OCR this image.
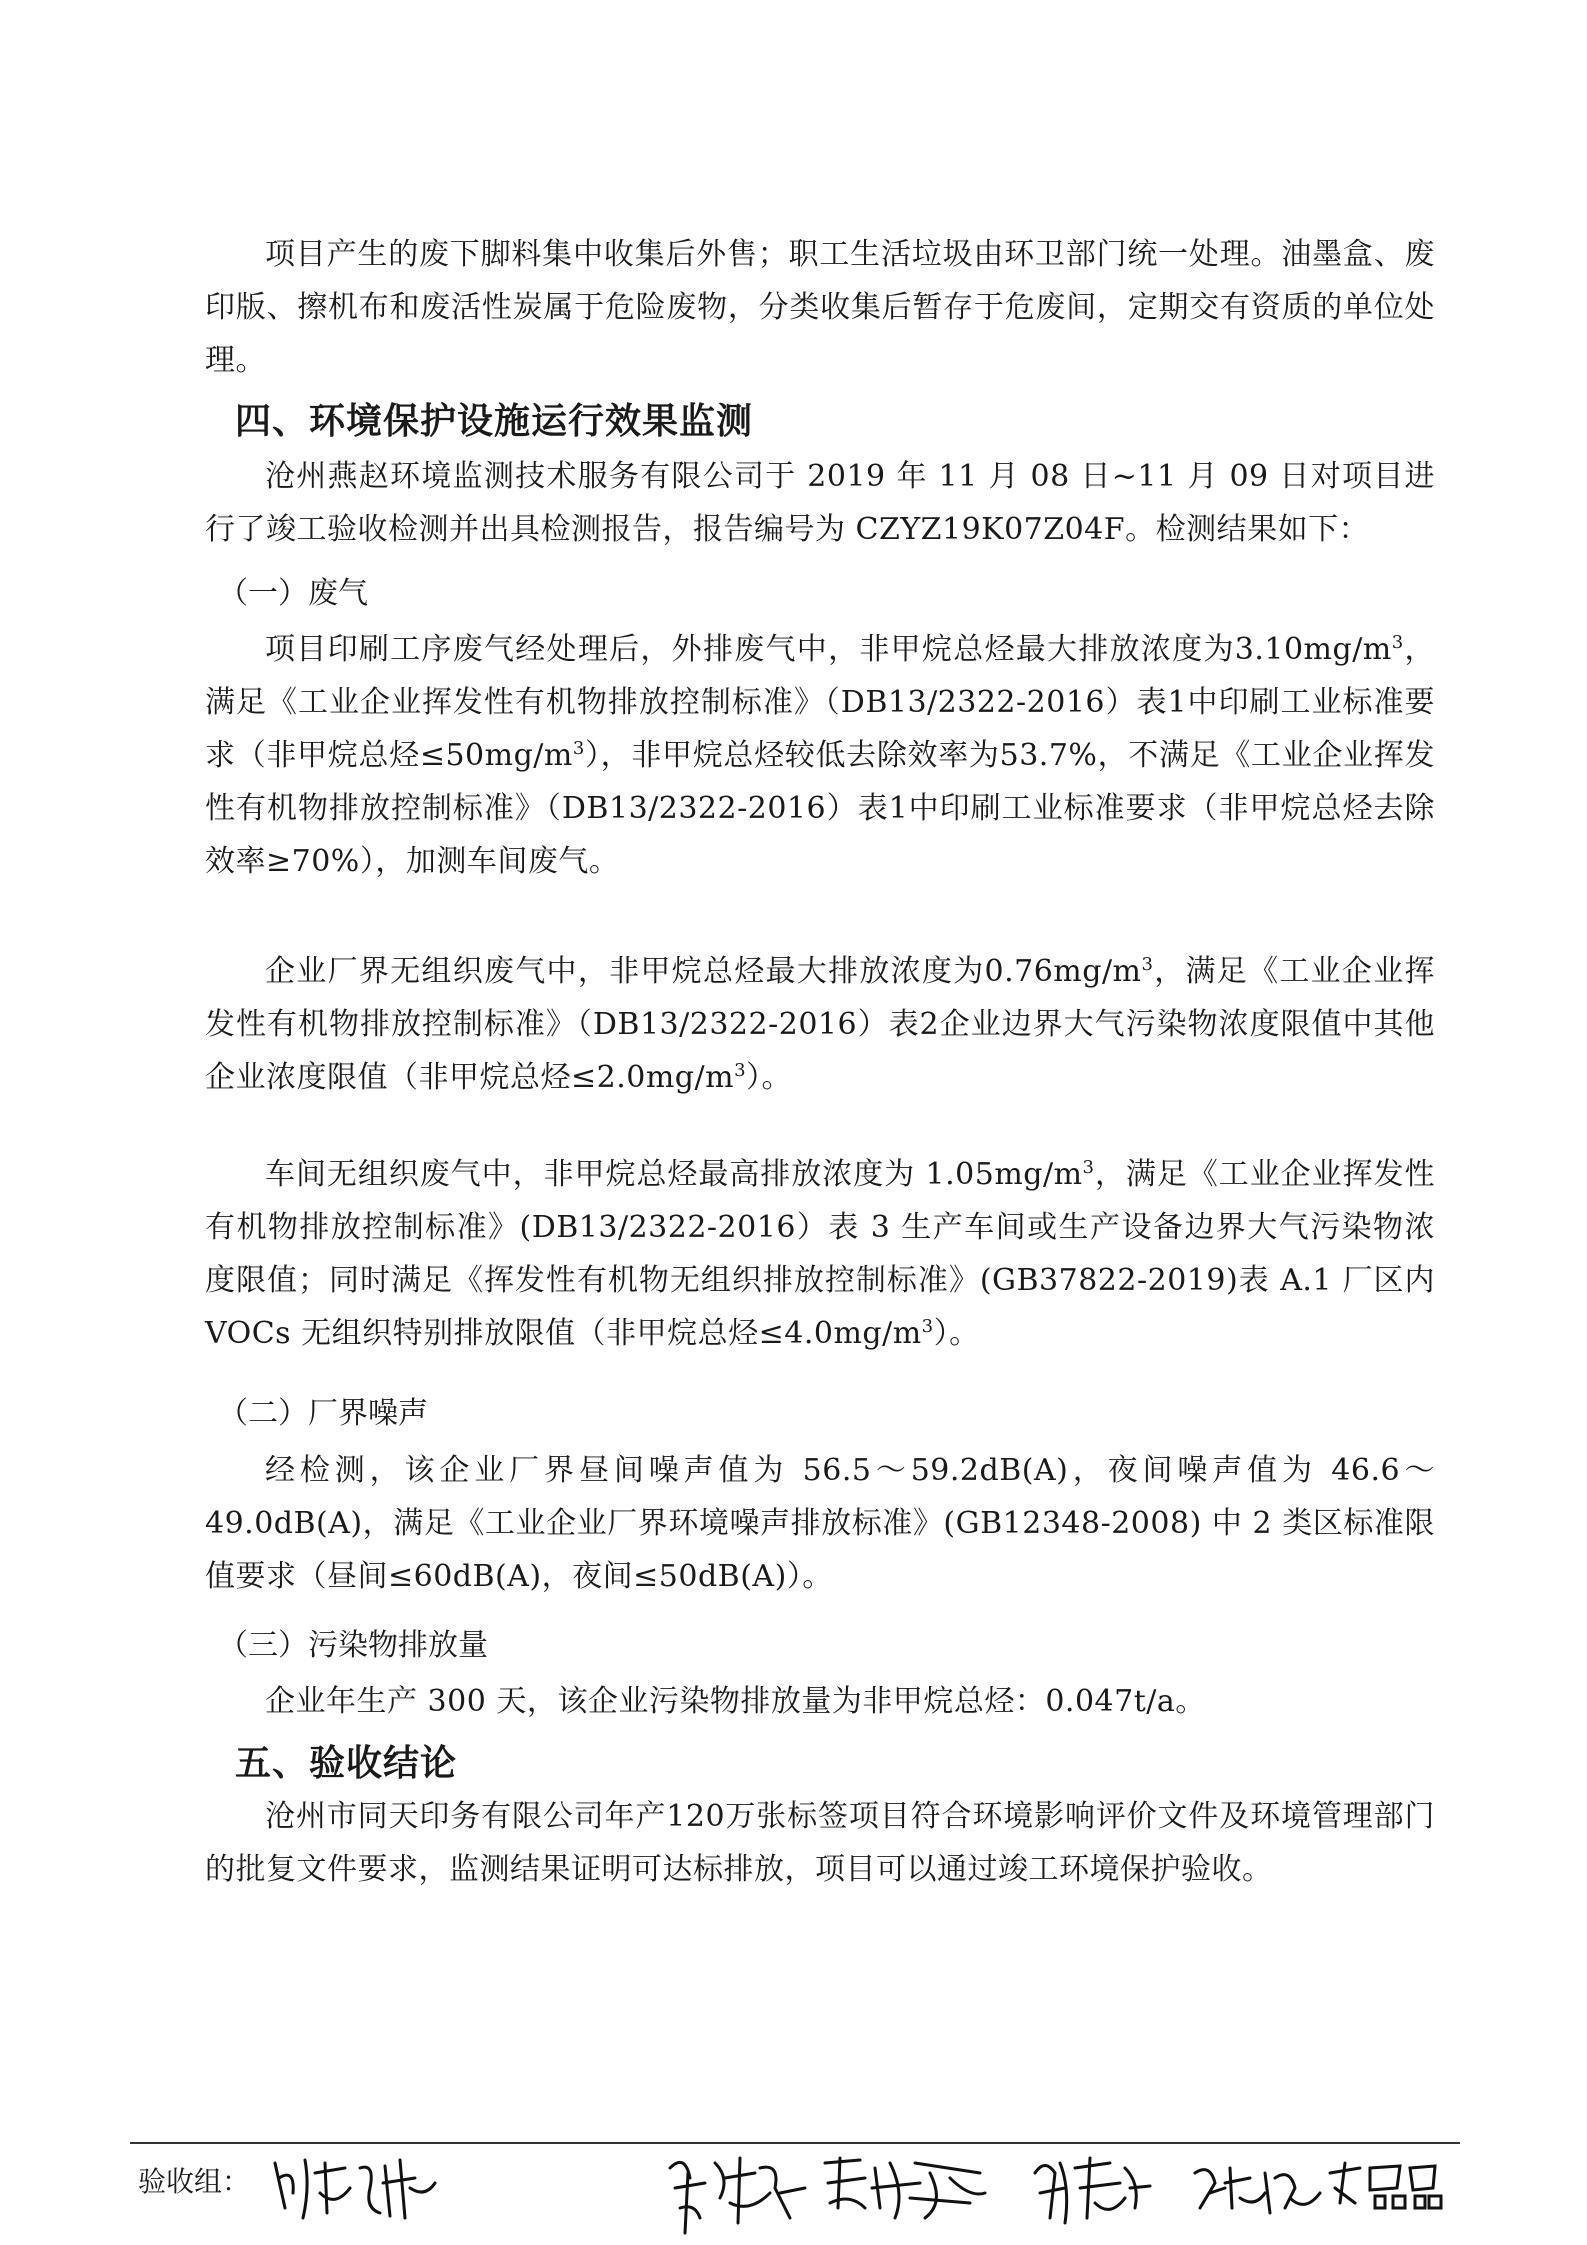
项目产生的废下脚料集中收集后外售；职工生活垃圾由环卫部门统一处理。油墨盒、废印版、擦机布和废活性炭属于危险废物，分类收集后暂存于危废间，定期交有资质的单位处理。

四、环境保护设施运行效果监测

沧州燕赵环境监测技术服务有限公司于 2019 年 11 月 08 日~11 月 09 日对项目进行了竣工验收检测并出具检测报告，报告编号为 CZYZ19K07Z04F。检测结果如下：

（一）废气

项目印刷工序废气经处理后，外排废气中，非甲烷总烃最大排放浓度为$3.10mg/m^3$，满足《工业企业挥发性有机物排放控制标准》（DB13/2322-2016）表1中印刷工业标准要求（非甲烷总烃$\le 50mg/m^3$），非甲烷总烃较低去除效率为53.7%，不满足《工业企业挥发性有机物排放控制标准》（DB13/2322-2016）表1中印刷工业标准要求（非甲烷总烃去除效率≥70%），加测车间废气。

企业厂界无组织废气中，非甲烷总烃最大排放浓度为$0.76mg/m^3$，满足《工业企业挥发性有机物排放控制标准》（DB13/2322-2016）表2企业边界大气污染物浓度限值中其他企业浓度限值（非甲烷总烃$\le 2.0mg/m^3$）。

车间无组织废气中，非甲烷总烃最高排放浓度为 $1.05mg/m^3$，满足《工业企业挥发性有机物排放控制标准》(DB13/2322-2016）表 3 生产车间或生产设备边界大气污染物浓度限值；同时满足《挥发性有机物无组织排放控制标准》(GB37822-2019)表 A.1 厂区内 VOCs 无组织特别排放限值（非甲烷总烃$\le 4.0mg/m^3$）。

（二）厂界噪声

经检测，该企业厂界昼间噪声值为 56.5～59.2dB(A)，夜间噪声值为 46.6～49.0dB(A)，满足《工业企业厂界环境噪声排放标准》(GB12348-2008) 中 2 类区标准限值要求（昼间≤60dB(A)，夜间≤50dB(A)）。

（三）污染物排放量

企业年生产 300 天，该企业污染物排放量为非甲烷总烃：0.047t/a。

五、验收结论

沧州市同天印务有限公司年产120万张标签项目符合环境影响评价文件及环境管理部门的批复文件要求，监测结果证明可达标排放，项目可以通过竣工环境保护验收。

验收组：
